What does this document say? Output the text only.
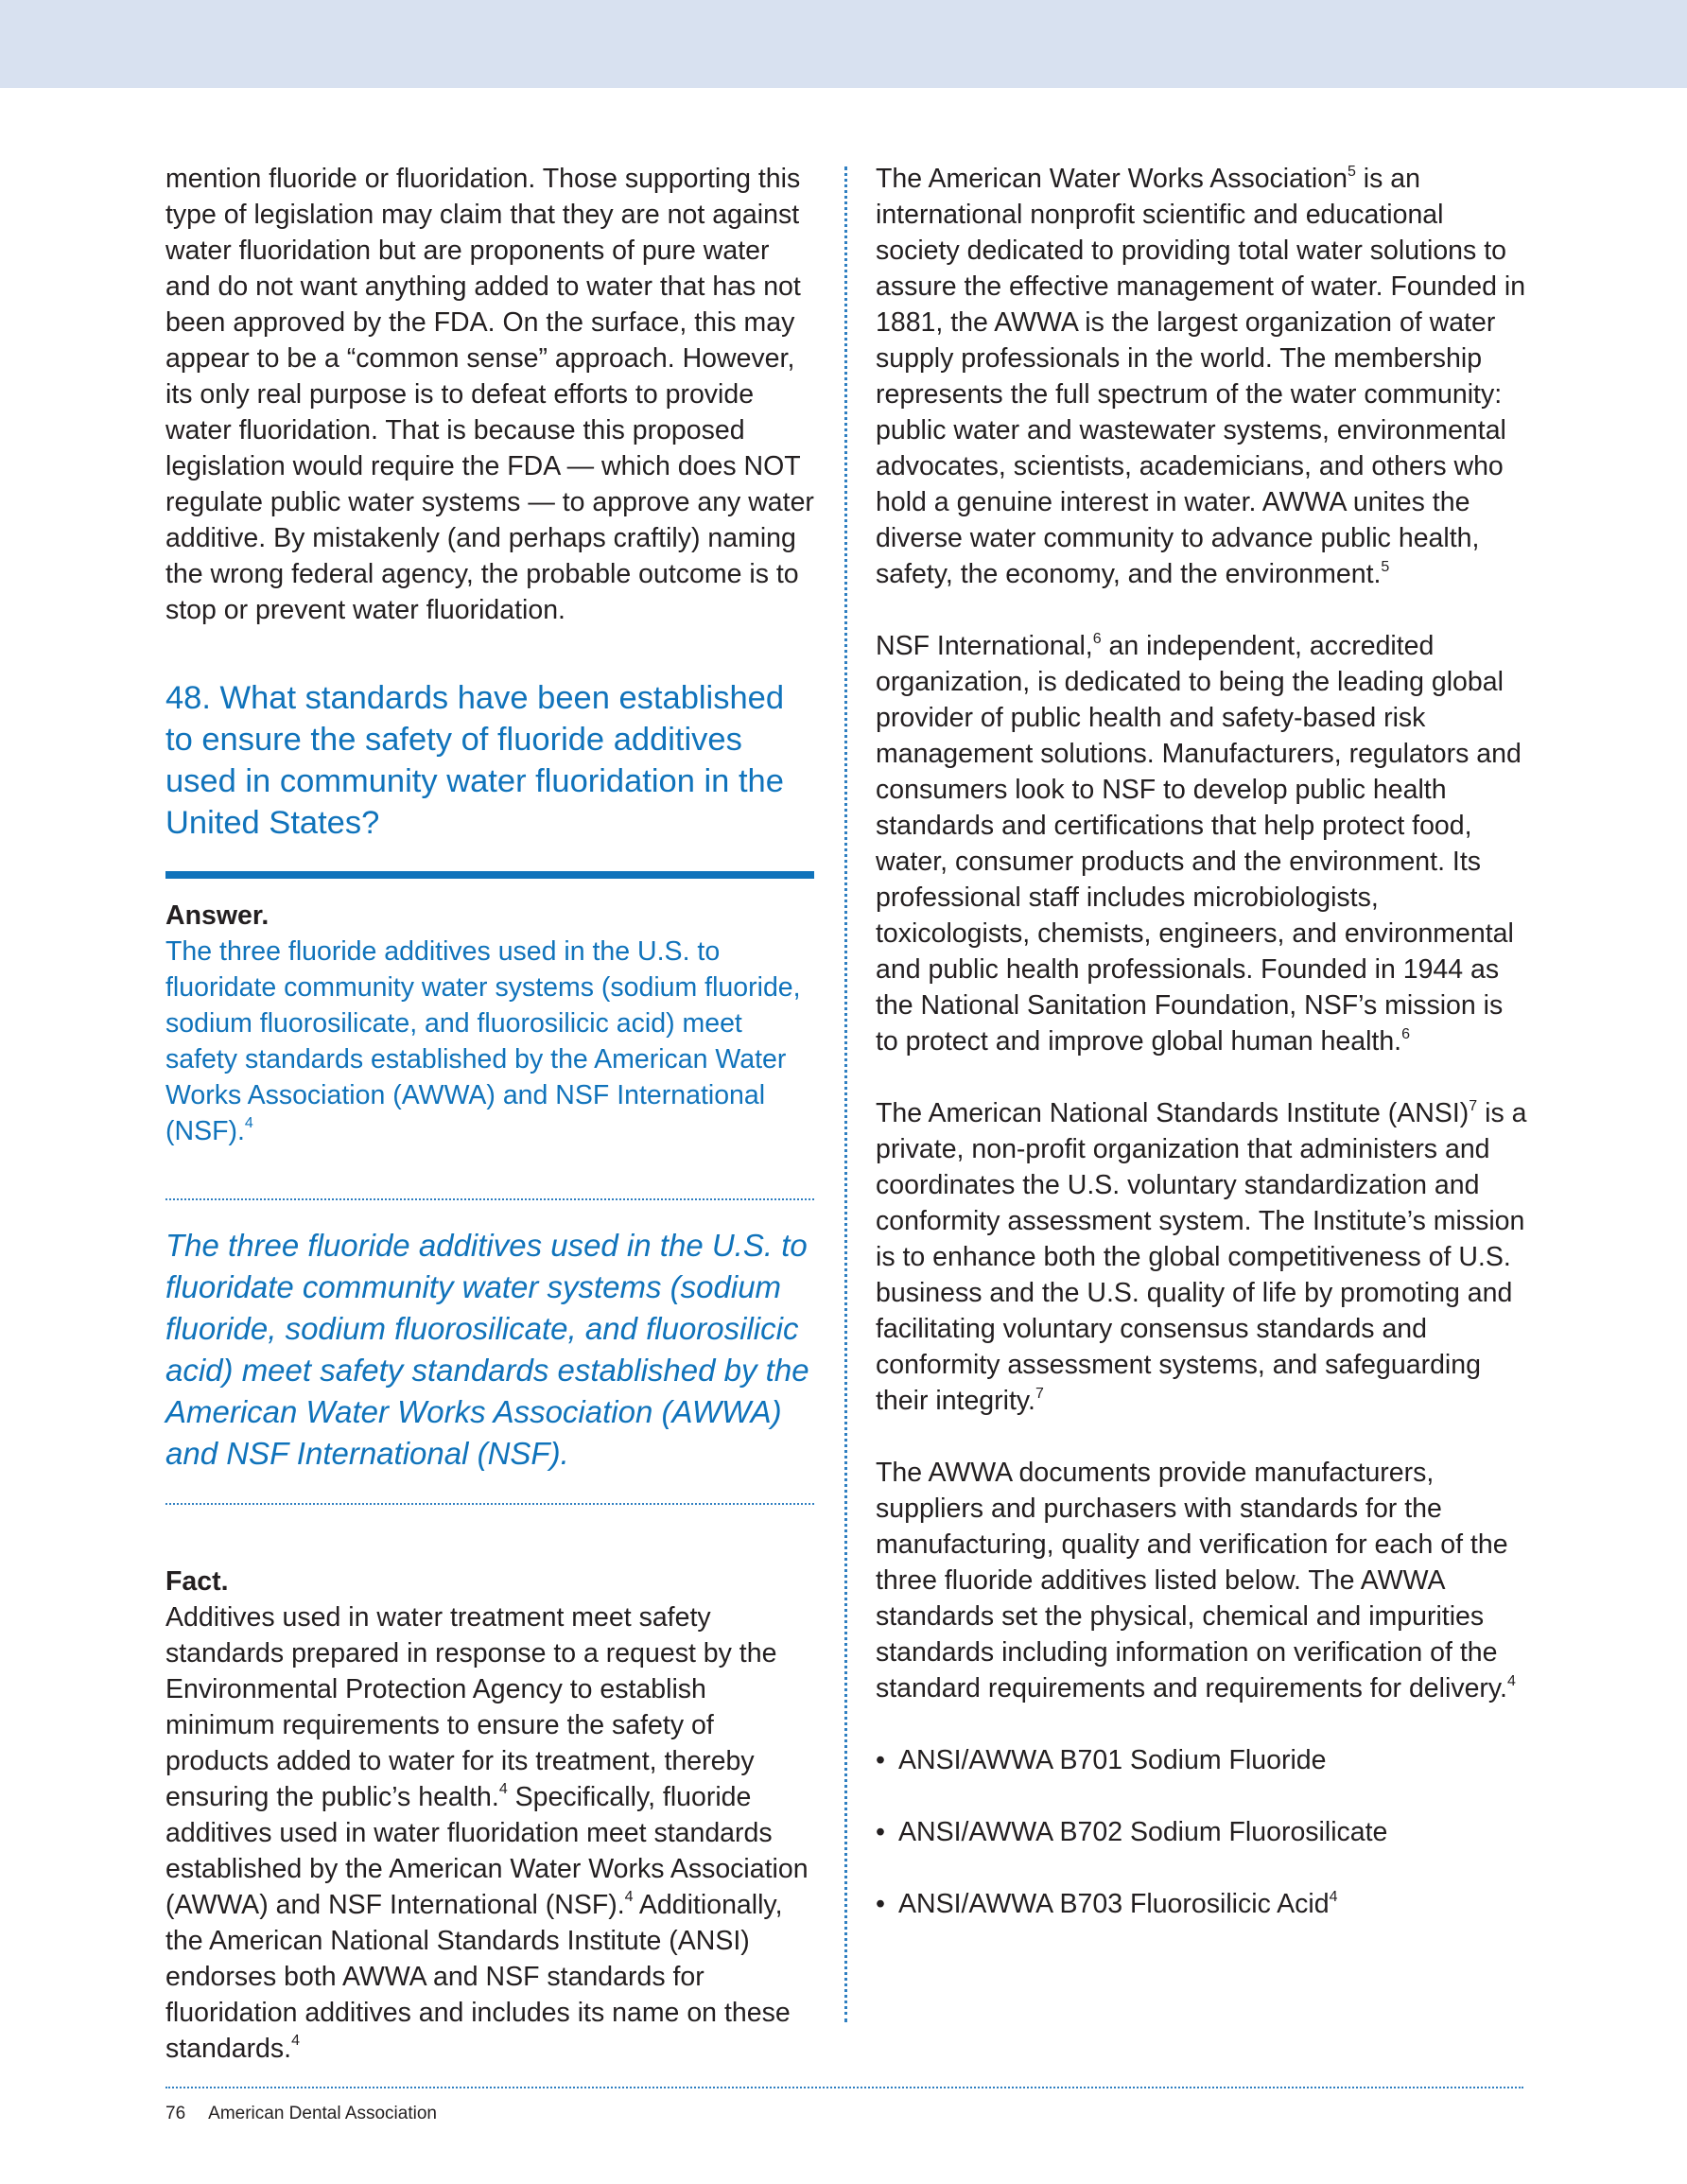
mention fluoride or fluoridation. Those supporting this type of legislation may claim that they are not against water fluoridation but are proponents of pure water and do not want anything added to water that has not been approved by the FDA. On the surface, this may appear to be a “common sense” approach. However, its only real purpose is to defeat efforts to provide water fluoridation. That is because this proposed legislation would require the FDA — which does NOT regulate public water systems — to approve any water additive. By mistakenly (and perhaps craftily) naming the wrong federal agency, the probable outcome is to stop or prevent water fluoridation.

48. What standards have been established to ensure the safety of fluoride additives used in community water fluoridation in the United States?

Answer.

The three fluoride additives used in the U.S. to fluoridate community water systems (sodium fluoride, sodium fluorosilicate, and fluorosilicic acid) meet safety standards established by the American Water Works Association (AWWA) and NSF International (NSF).$^4$

The three fluoride additives used in the U.S. to fluoridate community water systems (sodium fluoride, sodium fluorosilicate, and fluorosilicic acid) meet safety standards established by the American Water Works Association (AWWA) and NSF International (NSF).

Fact.

Additives used in water treatment meet safety standards prepared in response to a request by the Environmental Protection Agency to establish minimum requirements to ensure the safety of products added to water for its treatment, thereby ensuring the public’s health.$^4$ Specifically, fluoride additives used in water fluoridation meet standards established by the American Water Works Association (AWWA) and NSF International (NSF).$^4$ Additionally, the American National Standards Institute (ANSI) endorses both AWWA and NSF standards for fluoridation additives and includes its name on these standards.$^4$

The American Water Works Association$^5$ is an international nonprofit scientific and educational society dedicated to providing total water solutions to assure the effective management of water. Founded in 1881, the AWWA is the largest organization of water supply professionals in the world. The membership represents the full spectrum of the water community: public water and wastewater systems, environmental advocates, scientists, academicians, and others who hold a genuine interest in water. AWWA unites the diverse water community to advance public health, safety, the economy, and the environment.$^5$

NSF International,$^6$ an independent, accredited organization, is dedicated to being the leading global provider of public health and safety-based risk management solutions. Manufacturers, regulators and consumers look to NSF to develop public health standards and certifications that help protect food, water, consumer products and the environment. Its professional staff includes microbiologists, toxicologists, chemists, engineers, and environmental and public health professionals. Founded in 1944 as the National Sanitation Foundation, NSF’s mission is to protect and improve global human health.$^6$

The American National Standards Institute (ANSI)$^7$ is a private, non-profit organization that administers and coordinates the U.S. voluntary standardization and conformity assessment system. The Institute’s mission is to enhance both the global competitiveness of U.S. business and the U.S. quality of life by promoting and facilitating voluntary consensus standards and conformity assessment systems, and safeguarding their integrity.$^7$

The AWWA documents provide manufacturers, suppliers and purchasers with standards for the manufacturing, quality and verification for each of the three fluoride additives listed below. The AWWA standards set the physical, chemical and impurities standards including information on verification of the standard requirements and requirements for delivery.$^4$

• ANSI/AWWA B701 Sodium Fluoride
• ANSI/AWWA B702 Sodium Fluorosilicate
• ANSI/AWWA B703 Fluorosilicic Acid$^4$
76 American Dental Association
